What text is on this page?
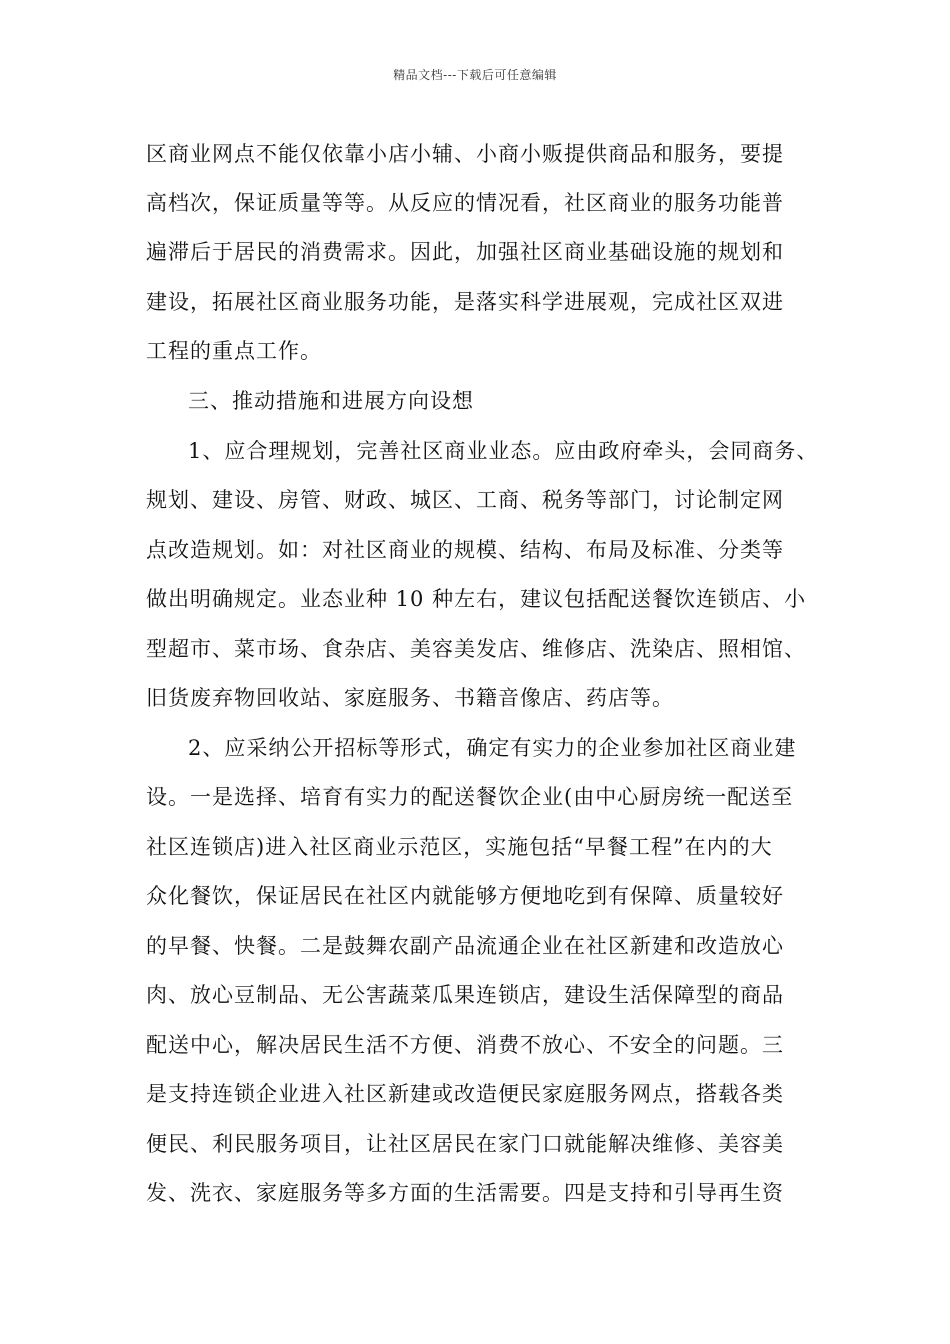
精品文档---下载后可任意编辑
区商业网点不能仅依靠小店小辅、小商小贩提供商品和服务，要提
高档次，保证质量等等。从反应的情况看，社区商业的服务功能普
遍滞后于居民的消费需求。因此，加强社区商业基础设施的规划和
建设，拓展社区商业服务功能，是落实科学进展观，完成社区双进
工程的重点工作。
三、推动措施和进展方向设想
1、应合理规划，完善社区商业业态。应由政府牵头，会同商务、
规划、建设、房管、财政、城区、工商、税务等部门，讨论制定网
点改造规划。如：对社区商业的规模、结构、布局及标准、分类等
做出明确规定。业态业种 10 种左右，建议包括配送餐饮连锁店、小
型超市、菜市场、食杂店、美容美发店、维修店、洗染店、照相馆、
旧货废弃物回收站、家庭服务、书籍音像店、药店等。
2、应采纳公开招标等形式，确定有实力的企业参加社区商业建
设。一是选择、培育有实力的配送餐饮企业(由中心厨房统一配送至
社区连锁店)进入社区商业示范区，实施包括“早餐工程”在内的大
众化餐饮，保证居民在社区内就能够方便地吃到有保障、质量较好
的早餐、快餐。二是鼓舞农副产品流通企业在社区新建和改造放心
肉、放心豆制品、无公害蔬菜瓜果连锁店，建设生活保障型的商品
配送中心，解决居民生活不方便、消费不放心、不安全的问题。三
是支持连锁企业进入社区新建或改造便民家庭服务网点，搭载各类
便民、利民服务项目，让社区居民在家门口就能解决维修、美容美
发、洗衣、家庭服务等多方面的生活需要。四是支持和引导再生资
